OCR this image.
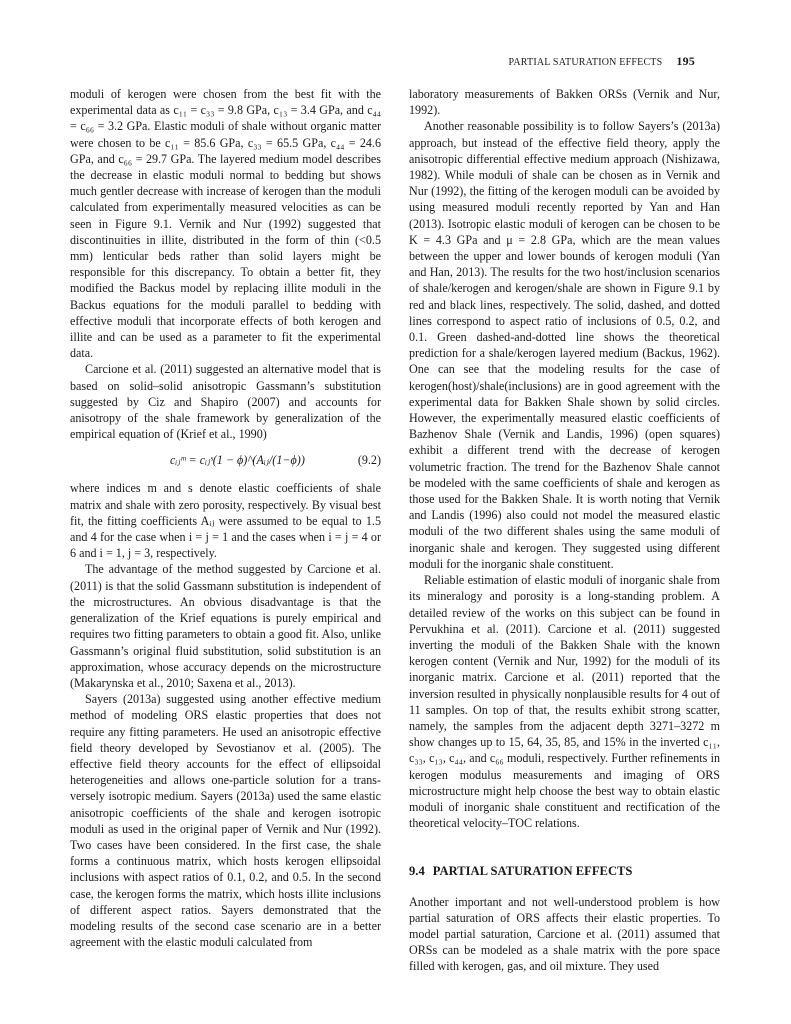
PARTIAL SATURATION EFFECTS 195

moduli of kerogen were chosen from the best fit with the experimental data as c₁₁ = c₃₃ = 9.8 GPa, c₁₃ = 3.4 GPa, and c₄₄ = c₆₆ = 3.2 GPa. Elastic moduli of shale without organic matter were chosen to be c₁₁ = 85.6 GPa, c₃₃ = 65.5 GPa, c₄₄ = 24.6 GPa, and c₆₆ = 29.7 GPa. The layered medium model describes the decrease in elastic moduli normal to bedding but shows much gentler decrease with increase of kerogen than the moduli calculated from experimentally measured velocities as can be seen in Figure 9.1. Vernik and Nur (1992) suggested that discontinuities in illite, distributed in the form of thin (<0.5 mm) lenticular beds rather than solid layers might be responsible for this discrepancy. To obtain a better fit, they modified the Backus model by replacing illite moduli in the Backus equations for the moduli parallel to bedding with effective moduli that incorporate effects of both kerogen and illite and can be used as a parameter to fit the experimental data.

Carcione et al. (2011) suggested an alternative model that is based on solid–solid anisotropic Gassmann’s substitution suggested by Ciz and Shapiro (2007) and accounts for anisotropy of the shale framework by generalization of the empirical equation of (Krief et al., 1990)

cᵢⱼᵐ = cᵢⱼˢ(1 − ϕ)^(Aᵢⱼ/(1−ϕ))	(9.2)

where indices m and s denote elastic coefficients of shale matrix and shale with zero porosity, respectively. By visual best fit, the fitting coefficients Aᵢⱼ were assumed to be equal to 1.5 and 4 for the case when i = j = 1 and the cases when i = j = 4 or 6 and i = 1, j = 3, respectively.

The advantage of the method suggested by Carcione et al. (2011) is that the solid Gassmann substitution is independent of the microstructures. An obvious disadvantage is that the generalization of the Krief equations is purely empirical and requires two fitting parameters to obtain a good fit. Also, unlike Gassmann’s original fluid substitution, solid substitution is an approximation, whose accuracy depends on the microstructure (Makarynska et al., 2010; Saxena et al., 2013).

Sayers (2013a) suggested using another effective medium method of modeling ORS elastic properties that does not require any fitting parameters. He used an anisotropic effective field theory developed by Sevostianov et al. (2005). The effective field theory accounts for the effect of ellipsoidal heterogeneities and allows one-particle solution for a transversely isotropic medium. Sayers (2013a) used the same elastic anisotropic coefficients of the shale and kerogen isotropic moduli as used in the original paper of Vernik and Nur (1992). Two cases have been considered. In the first case, the shale forms a continuous matrix, which hosts kerogen ellipsoidal inclusions with aspect ratios of 0.1, 0.2, and 0.5. In the second case, the kerogen forms the matrix, which hosts illite inclusions of different aspect ratios. Sayers demonstrated that the modeling results of the second case scenario are in a better agreement with the elastic moduli calculated from

laboratory measurements of Bakken ORSs (Vernik and Nur, 1992).

Another reasonable possibility is to follow Sayers’s (2013a) approach, but instead of the effective field theory, apply the anisotropic differential effective medium approach (Nishizawa, 1982). While moduli of shale can be chosen as in Vernik and Nur (1992), the fitting of the kerogen moduli can be avoided by using measured moduli recently reported by Yan and Han (2013). Isotropic elastic moduli of kerogen can be chosen to be K = 4.3 GPa and μ = 2.8 GPa, which are the mean values between the upper and lower bounds of kerogen moduli (Yan and Han, 2013). The results for the two host/inclusion scenarios of shale/kerogen and kerogen/shale are shown in Figure 9.1 by red and black lines, respectively. The solid, dashed, and dotted lines correspond to aspect ratio of inclusions of 0.5, 0.2, and 0.1. Green dashed-and-dotted line shows the theoretical prediction for a shale/kerogen layered medium (Backus, 1962). One can see that the modeling results for the case of kerogen(host)/shale(inclusions) are in good agreement with the experimental data for Bakken Shale shown by solid circles. However, the experimentally measured elastic coefficients of Bazhenov Shale (Vernik and Landis, 1996) (open squares) exhibit a different trend with the decrease of kerogen volumetric fraction. The trend for the Bazhenov Shale cannot be modeled with the same coefficients of shale and kerogen as those used for the Bakken Shale. It is worth noting that Vernik and Landis (1996) also could not model the measured elastic moduli of the two different shales using the same moduli of inorganic shale and kerogen. They suggested using different moduli for the inorganic shale constituent.

Reliable estimation of elastic moduli of inorganic shale from its mineralogy and porosity is a long-standing problem. A detailed review of the works on this subject can be found in Pervukhina et al. (2011). Carcione et al. (2011) suggested inverting the moduli of the Bakken Shale with the known kerogen content (Vernik and Nur, 1992) for the moduli of its inorganic matrix. Carcione et al. (2011) reported that the inversion resulted in physically nonplausible results for 4 out of 11 samples. On top of that, the results exhibit strong scatter, namely, the samples from the adjacent depth 3271–3272 m show changes up to 15, 64, 35, 85, and 15% in the inverted c₁₁, c₃₃, c₁₃, c₄₄, and c₆₆ moduli, respectively. Further refinements in kerogen modulus measurements and imaging of ORS microstructure might help choose the best way to obtain elastic moduli of inorganic shale constituent and rectification of the theoretical velocity–TOC relations.

9.4 PARTIAL SATURATION EFFECTS

Another important and not well-understood problem is how partial saturation of ORS affects their elastic properties. To model partial saturation, Carcione et al. (2011) assumed that ORSs can be modeled as a shale matrix with the pore space filled with kerogen, gas, and oil mixture. They used
